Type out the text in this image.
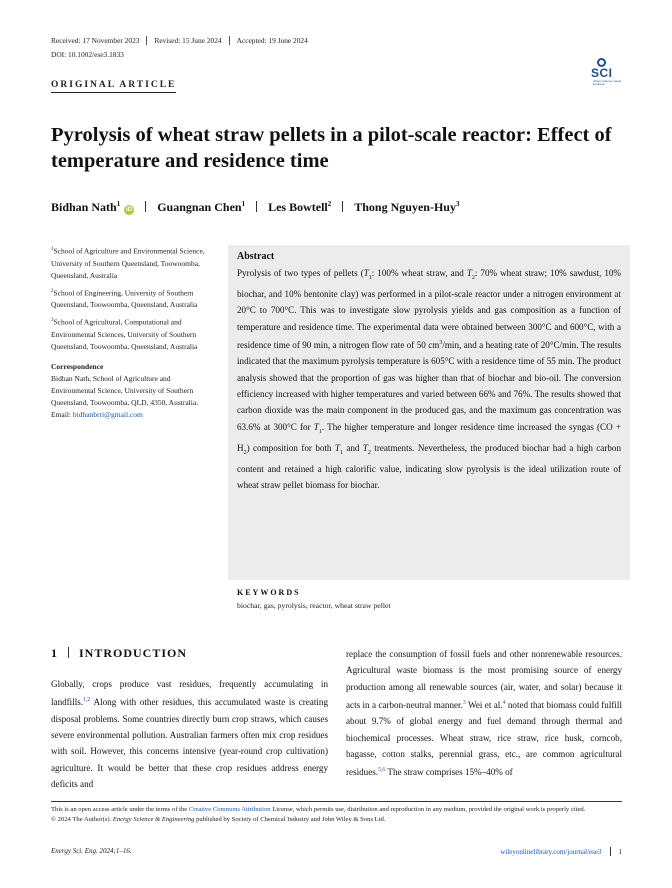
Received: 17 November 2023 Revised: 15 June 2024 Accepted: 19 June 2024
DOI: 10.1002/ese3.1833
SCI
where science meets business
ORIGINAL ARTICLE
Pyrolysis of wheat straw pellets in a pilot-scale reactor: Effect of temperature and residence time
Bidhan Nath$^1$iD Guangnan Chen$^1$ Les Bowtell$^2$ Thong Nguyen-Huy$^3$

$^1$School of Agriculture and Environmental Science, University of Southern Queensland, Toowoomba, Queensland, Australia

$^2$School of Engineering, University of Southern Queensland, Toowoomba, Queensland, Australia

$^3$School of Agricultural, Computational and Environmental Sciences, University of Southern Queensland, Toowoomba, Queensland, Australia

Correspondence
Bidhan Nath, School of Agriculture and Environmental Science, University of Southern Queensland, Toowoomba, QLD, 4350, Australia.
Email: bidhanbrri@gmail.com
Abstract
Pyrolysis of two types of pellets ($T_1$: 100% wheat straw, and $T_2$: 70% wheat straw; 10% sawdust, 10% biochar, and 10% bentonite clay) was performed in a pilot-scale reactor under a nitrogen environment at 20°C to 700°C. This was to investigate slow pyrolysis yields and gas composition as a function of temperature and residence time. The experimental data were obtained between 300°C and 600°C, with a residence time of 90 min, a nitrogen flow rate of 50 $cm^3/\min$, and a heating rate of 20°C/min. The results indicated that the maximum pyrolysis temperature is 605°C with a residence time of 55 min. The product analysis showed that the proportion of gas was higher than that of biochar and bio-oil. The conversion efficiency increased with higher temperatures and varied between 66% and 76%. The results showed that carbon dioxide was the main component in the produced gas, and the maximum gas concentration was 63.6% at 300°C for $T_1$. The higher temperature and longer residence time increased the syngas $(CO + H_2)$ composition for both $T_1$ and $T_2$ treatments. Nevertheless, the produced biochar had a high carbon content and retained a high calorific value, indicating slow pyrolysis is the ideal utilization route of wheat straw pellet biomass for biochar.
KEYWORDS
biochar, gas, pyrolysis, reactor, wheat straw pellet
1 INTRODUCTION
Globally, crops produce vast residues, frequently accumulating in landfills.$^{1,2}$ Along with other residues, this accumulated waste is creating disposal problems. Some countries directly burn crop straws, which causes severe environmental pollution. Australian farmers often mix crop residues with soil. However, this concerns intensive (year-round crop cultivation) agriculture. It would be better that these crop residues address energy deficits and
replace the consumption of fossil fuels and other nonrenewable resources. Agricultural waste biomass is the most promising source of energy production among all renewable sources (air, water, and solar) because it acts in a carbon-neutral manner.$^3$ Wei et al.$^4$ noted that biomass could fulfill about 9.7% of global energy and fuel demand through thermal and biochemical processes. Wheat straw, rice straw, rice husk, corncob, bagasse, cotton stalks, perennial grass, etc., are common agricultural residues.$^{5,6}$ The straw comprises 15%–40% of
This is an open access article under the terms of the Creative Commons Attribution License, which permits use, distribution and reproduction in any medium, provided the original work is properly cited.
© 2024 The Author(s). Energy Science & Engineering published by Society of Chemical Industry and John Wiley & Sons Ltd.
Energy Sci. Eng. 2024;1–16.	wileyonlinelibrary.com/journal/ese3 1
